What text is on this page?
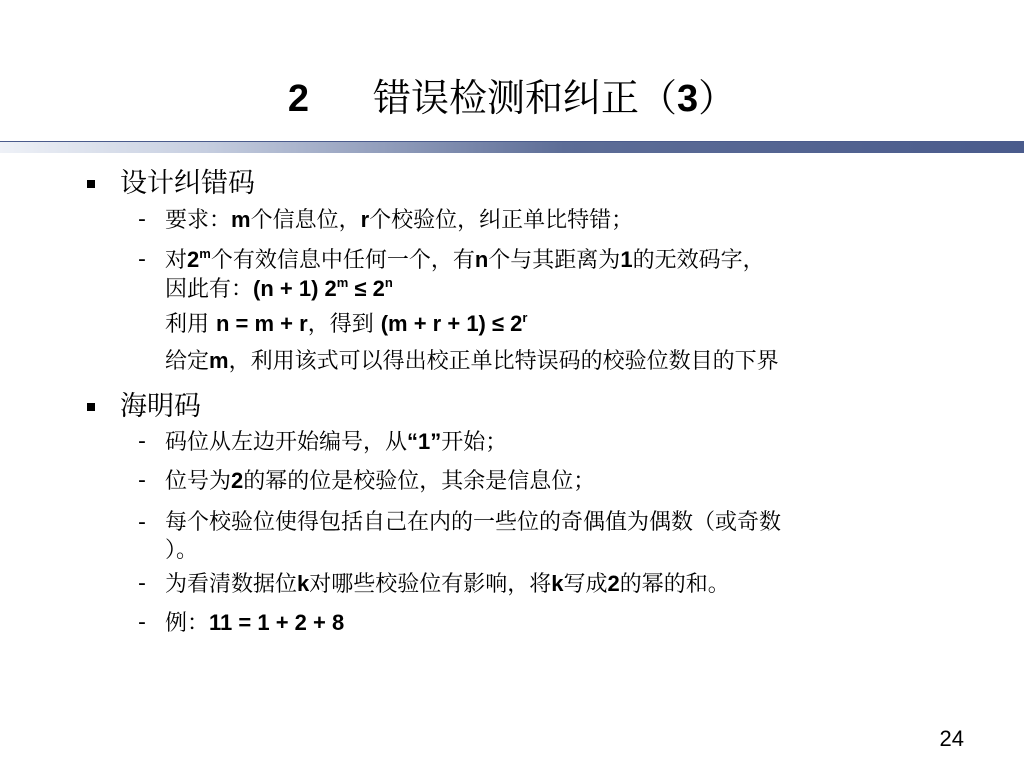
2 错误检测和纠正（3）
设计纠错码
- 要求：m个信息位，r个校验位，纠正单比特错；
- 对2$^m$个有效信息中任何一个，有n个与其距离为1的无效码字，
因此有：(n + 1) $2^m \le 2^n$
利用 n = m + r，得到 $(m + r + 1) \le 2^r$
给定m，利用该式可以得出校正单比特误码的校验位数目的下界
海明码
- 码位从左边开始编号，从“1”开始；
- 位号为2的幂的位是校验位，其余是信息位；
- 每个校验位使得包括自己在内的一些位的奇偶值为偶数（或奇数
）。
- 为看清数据位k对哪些校验位有影响，将k写成2的幂的和。
- 例：11 = 1 + 2 + 8
24
